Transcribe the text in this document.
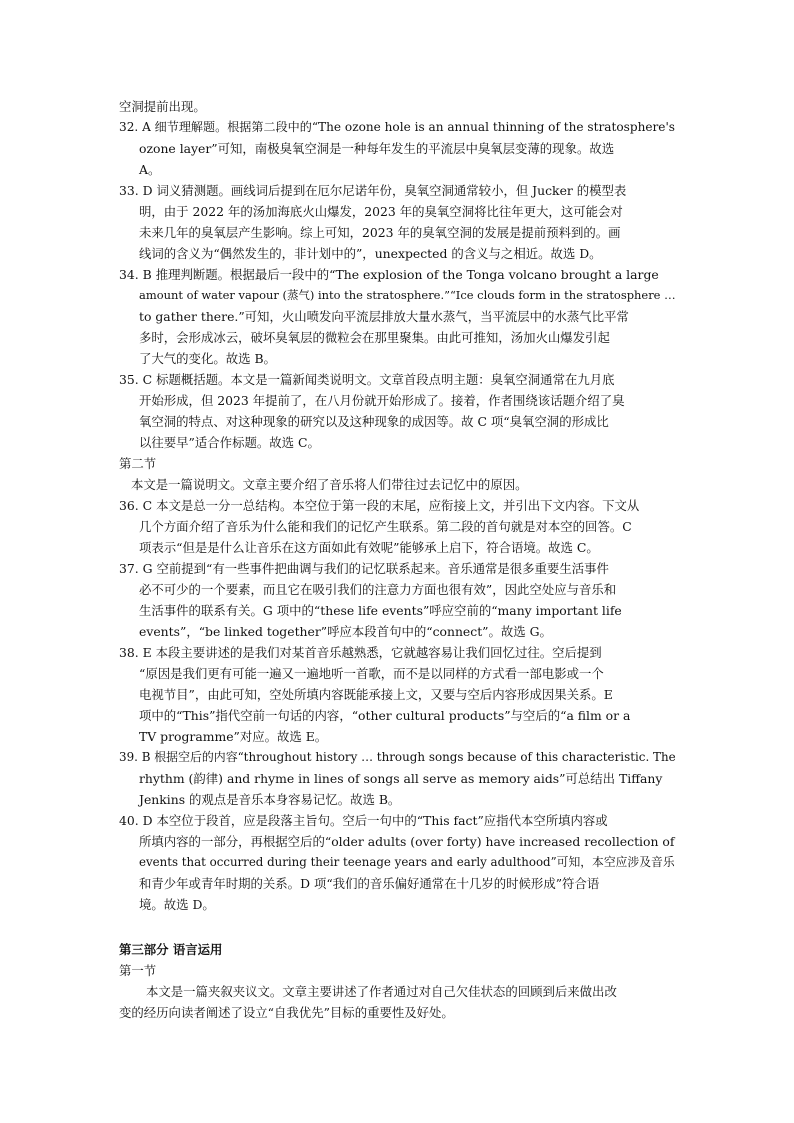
空洞提前出现。
32. A 细节理解题。根据第二段中的“The ozone hole is an annual thinning of the stratosphere's
ozone layer”可知，南极臭氧空洞是一种每年发生的平流层中臭氧层变薄的现象。故选
A。
33. D 词义猜测题。画线词后提到在厄尔尼诺年份，臭氧空洞通常较小，但 Jucker 的模型表
明，由于 2022 年的汤加海底火山爆发，2023 年的臭氧空洞将比往年更大，这可能会对
未来几年的臭氧层产生影响。综上可知，2023 年的臭氧空洞的发展是提前预料到的。画
线词的含义为“偶然发生的，非计划中的”，unexpected 的含义与之相近。故选 D。
34. B 推理判断题。根据最后一段中的“The explosion of the Tonga volcano brought a large
amount of water vapour (蒸气) into the stratosphere.”“Ice clouds form in the stratosphere …
to gather there.”可知，火山喷发向平流层排放大量水蒸气，当平流层中的水蒸气比平常
多时，会形成冰云，破坏臭氧层的微粒会在那里聚集。由此可推知，汤加火山爆发引起
了大气的变化。故选 B。
35. C 标题概括题。本文是一篇新闻类说明文。文章首段点明主题：臭氧空洞通常在九月底
开始形成，但 2023 年提前了，在八月份就开始形成了。接着，作者围绕该话题介绍了臭
氧空洞的特点、对这种现象的研究以及这种现象的成因等。故 C 项“臭氧空洞的形成比
以往要早”适合作标题。故选 C。
第二节
本文是一篇说明文。文章主要介绍了音乐将人们带往过去记忆中的原因。
36. C 本文是总一分一总结构。本空位于第一段的末尾，应衔接上文，并引出下文内容。下文从
几个方面介绍了音乐为什么能和我们的记忆产生联系。第二段的首句就是对本空的回答。C
项表示“但是是什么让音乐在这方面如此有效呢”能够承上启下，符合语境。故选 C。
37. G 空前提到“有一些事件把曲调与我们的记忆联系起来。音乐通常是很多重要生活事件
必不可少的一个要素，而且它在吸引我们的注意力方面也很有效”，因此空处应与音乐和
生活事件的联系有关。G 项中的“these life events”呼应空前的“many important life
events”，“be linked together”呼应本段首句中的“connect”。故选 G。
38. E 本段主要讲述的是我们对某首音乐越熟悉，它就越容易让我们回忆过往。空后提到
“原因是我们更有可能一遍又一遍地听一首歌，而不是以同样的方式看一部电影或一个
电视节目”，由此可知，空处所填内容既能承接上文，又要与空后内容形成因果关系。E
项中的“This”指代空前一句话的内容，“other cultural products”与空后的“a film or a
TV programme”对应。故选 E。
39. B 根据空后的内容“throughout history … through songs because of this characteristic. The
rhythm (韵律) and rhyme in lines of songs all serve as memory aids”可总结出 Tiffany
Jenkins 的观点是音乐本身容易记忆。故选 B。
40. D 本空位于段首，应是段落主旨句。空后一句中的“This fact”应指代本空所填内容或
所填内容的一部分，再根据空后的“older adults (over forty) have increased recollection of
events that occurred during their teenage years and early adulthood”可知，本空应涉及音乐
和青少年或青年时期的关系。D 项“我们的音乐偏好通常在十几岁的时候形成”符合语
境。故选 D。
第三部分 语言运用
第一节
本文是一篇夹叙夹议文。文章主要讲述了作者通过对自己欠佳状态的回顾到后来做出改
变的经历向读者阐述了设立“自我优先”目标的重要性及好处。
